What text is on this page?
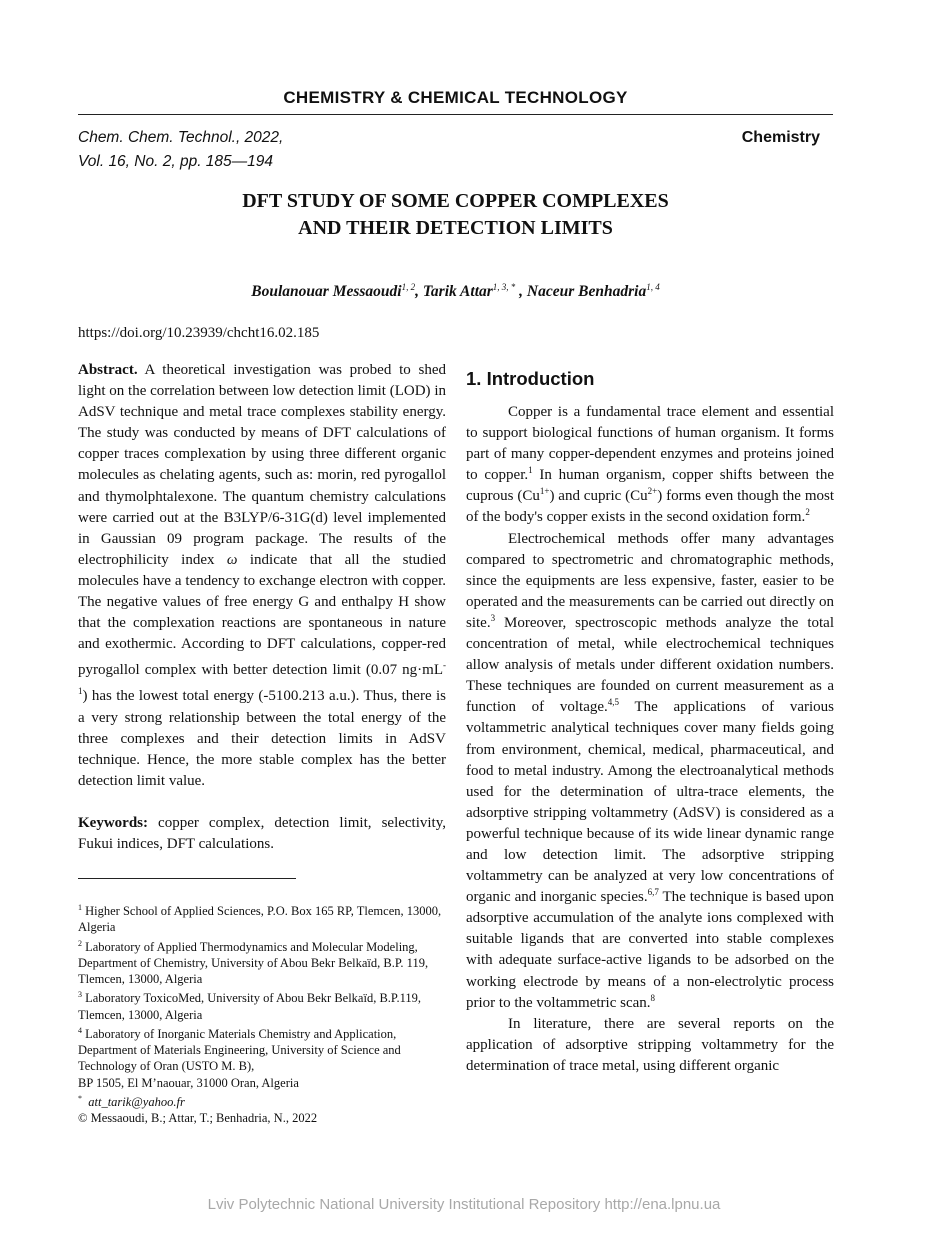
CHEMISTRY & CHEMICAL TECHNOLOGY
Chem. Chem. Technol., 2022,
Vol. 16, No. 2, pp. 185—194
Chemistry
DFT STUDY OF SOME COPPER COMPLEXES
AND THEIR DETECTION LIMITS
Boulanouar Messaoudi$^{1, 2}$, Tarik Attar$^{1, 3, *}$ , Naceur Benhadria$^{1, 4}$
https://doi.org/10.23939/chcht16.02.185
Abstract. A theoretical investigation was probed to shed light on the correlation between low detection limit (LOD) in AdSV technique and metal trace complexes stability energy. The study was conducted by means of DFT calculations of copper traces complexation by using three different organic molecules as chelating agents, such as: morin, red pyrogallol and thymolphtalexone. The quantum chemistry calculations were carried out at the B3LYP/6-31G(d) level implemented in Gaussian 09 program package. The results of the electrophilicity index ω indicate that all the studied molecules have a tendency to exchange electron with copper. The negative values of free energy G and enthalpy H show that the complexation reactions are spontaneous in nature and exothermic. According to DFT calculations, copper-red pyrogallol complex with better detection limit (0.07 $ng\cdot mL^{-1}$) has the lowest total energy (-5100.213 a.u.). Thus, there is a very strong relationship between the total energy of the three complexes and their detection limits in AdSV technique. Hence, the more stable complex has the better detection limit value.
Keywords: copper complex, detection limit, selectivity, Fukui indices, DFT calculations.
$^1$ Higher School of Applied Sciences, P.O. Box 165 RP, Tlemcen, 13000, Algeria
$^2$ Laboratory of Applied Thermodynamics and Molecular Modeling, Department of Chemistry, University of Abou Bekr Belkaïd, B.P. 119, Tlemcen, 13000, Algeria
$^3$ Laboratory ToxicoMed, University of Abou Bekr Belkaïd, B.P.119, Tlemcen, 13000, Algeria
$^4$ Laboratory of Inorganic Materials Chemistry and Application, Department of Materials Engineering, University of Science and Technology of Oran (USTO M. B),
BP 1505, El M’naouar, 31000 Oran, Algeria
* att_tarik@yahoo.fr
© Messaoudi, B.; Attar, T.; Benhadria, N., 2022
1. Introduction

Copper is a fundamental trace element and essential to support biological functions of human organism. It forms part of many copper-dependent enzymes and proteins joined to copper.$^1$ In human organism, copper shifts between the cuprous $(Cu^{1+})$ and cupric $(Cu^{2+})$ forms even though the most of the body's copper exists in the second oxidation form.$^2$

Electrochemical methods offer many advantages compared to spectrometric and chromatographic methods, since the equipments are less expensive, faster, easier to be operated and the measurements can be carried out directly on site.$^3$ Moreover, spectroscopic methods analyze the total concentration of metal, while electrochemical techniques allow analysis of metals under different oxidation numbers. These techniques are founded on current measurement as a function of voltage.$^{4,5}$ The applications of various voltammetric analytical techniques cover many fields going from environment, chemical, medical, pharmaceutical, and food to metal industry. Among the electroanalytical methods used for the determination of ultra-trace elements, the adsorptive stripping voltammetry (AdSV) is considered as a powerful technique because of its wide linear dynamic range and low detection limit. The adsorptive stripping voltammetry can be analyzed at very low concentrations of organic and inorganic species.$^{6,7}$ The technique is based upon adsorptive accumulation of the analyte ions complexed with suitable ligands that are converted into stable complexes with adequate surface-active ligands to be adsorbed on the working electrode by means of a non-electrolytic process prior to the voltammetric scan.$^8$

In literature, there are several reports on the application of adsorptive stripping voltammetry for the determination of trace metal, using different organic

Lviv Polytechnic National University Institutional Repository http://ena.lpnu.ua
